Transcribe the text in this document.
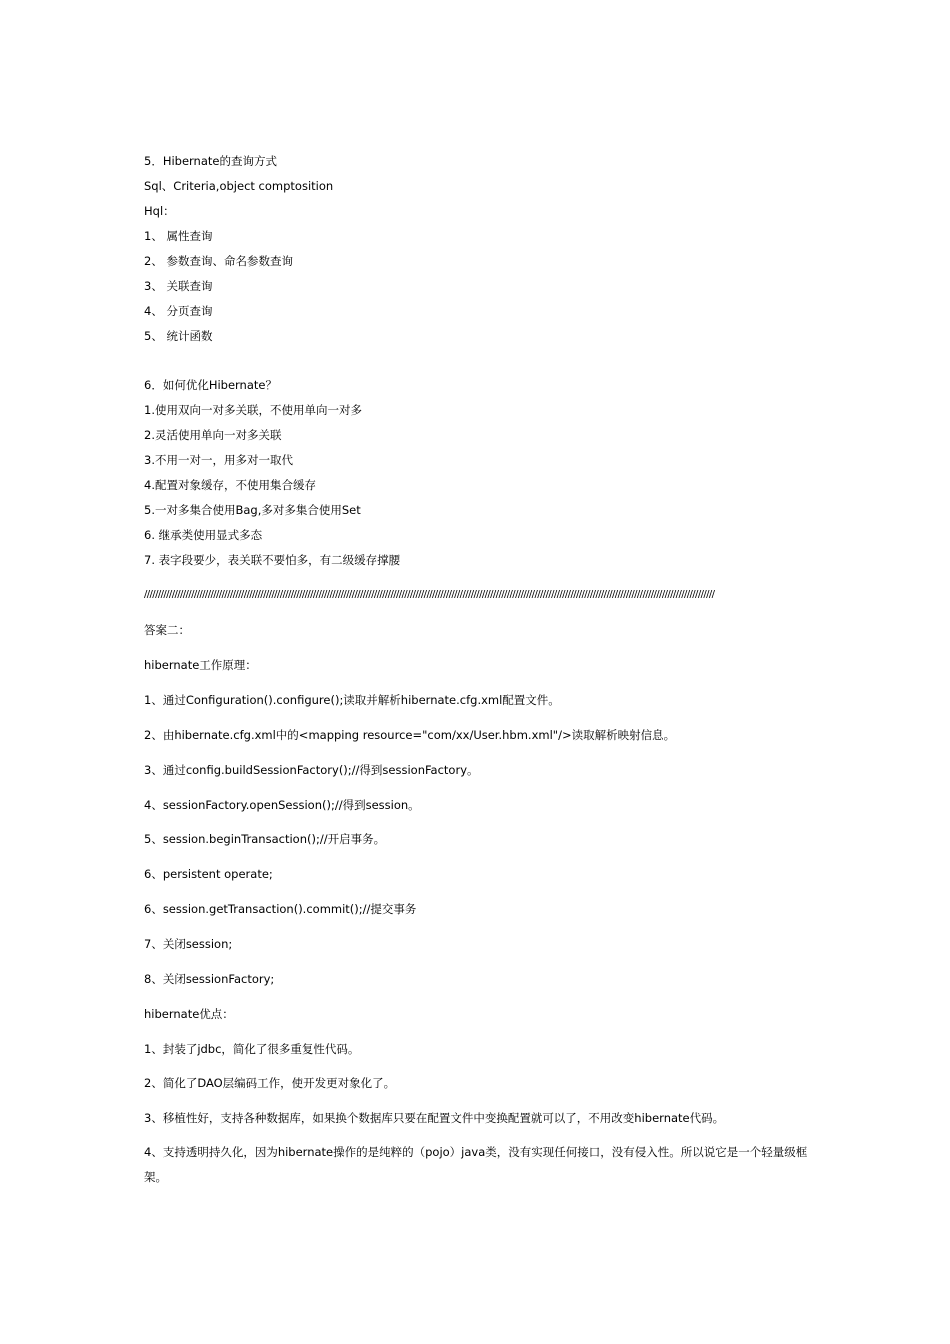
5．Hibernate的查询方式
Sql、Criteria,object comptosition
Hql：
1、 属性查询
2、 参数查询、命名参数查询
3、 关联查询
4、 分页查询
5、 统计函数
6．如何优化Hibernate？
1.使用双向一对多关联，不使用单向一对多
2.灵活使用单向一对多关联
3.不用一对一，用多对一取代
4.配置对象缓存，不使用集合缓存
5.一对多集合使用Bag,多对多集合使用Set
6. 继承类使用显式多态
7. 表字段要少，表关联不要怕多，有二级缓存撑腰
//////////////////////////////////////////////////////////////////////////////////////////////////////////////////////////////////////////////////////////////////////////////////////////////////////////////
答案二：
hibernate工作原理：
1、通过Configuration().configure();读取并解析hibernate.cfg.xml配置文件。
2、由hibernate.cfg.xml中的<mapping resource="com/xx/User.hbm.xml"/>读取解析映射信息。
3、通过config.buildSessionFactory();//得到sessionFactory。
4、sessionFactory.openSession();//得到session。
5、session.beginTransaction();//开启事务。
6、persistent operate;
6、session.getTransaction().commit();//提交事务
7、关闭session;
8、关闭sessionFactory;
hibernate优点：
1、封装了jdbc，简化了很多重复性代码。
2、简化了DAO层编码工作，使开发更对象化了。
3、移植性好，支持各种数据库，如果换个数据库只要在配置文件中变换配置就可以了，不用改变hibernate代码。
4、支持透明持久化，因为hibernate操作的是纯粹的（pojo）java类，没有实现任何接口，没有侵入性。所以说它是一个轻量级框架。
